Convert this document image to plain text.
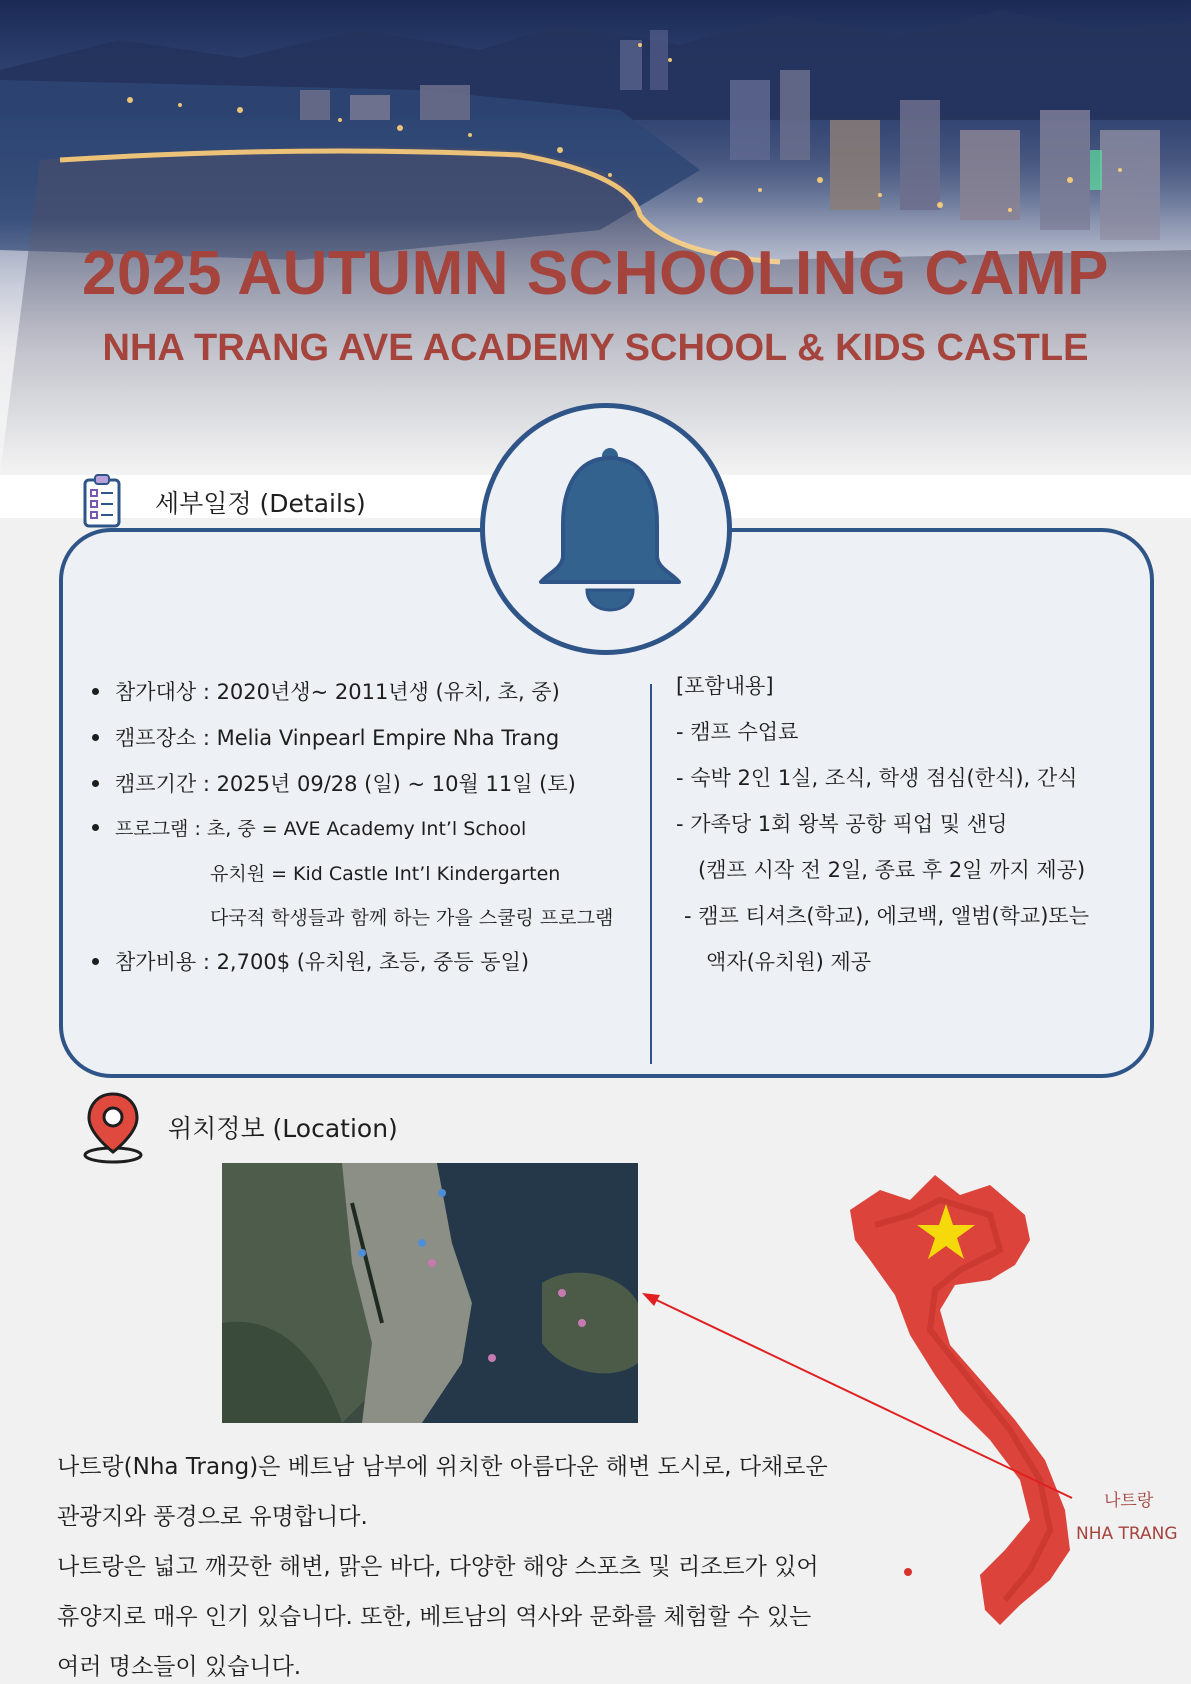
2025 AUTUMN SCHOOLING CAMP
NHA TRANG AVE ACADEMY SCHOOL & KIDS CASTLE
세부일정 (Details)
참가대상 : 2020년생~ 2011년생 (유치, 초, 중)
캠프장소 : Melia Vinpearl Empire Nha Trang
캠프기간 : 2025년 09/28 (일) ~ 10월 11일 (토)
프로그램 : 초, 중 = AVE Academy Int’l School
유치원 = Kid Castle Int’l Kindergarten
다국적 학생들과 함께 하는 가을 스쿨링 프로그램
참가비용 : 2,700$ (유치원, 초등, 중등 동일)
[포함내용]
- 캠프 수업료
- 숙박 2인 1실, 조식, 학생 점심(한식), 간식
- 가족당 1회 왕복 공항 픽업 및 샌딩
(캠프 시작 전 2일, 종료 후 2일 까지 제공)
- 캠프 티셔츠(학교), 에코백, 앨범(학교)또는
액자(유치원) 제공
위치정보 (Location)
나트랑
NHA TRANG
나트랑(Nha Trang)은 베트남 남부에 위치한 아름다운 해변 도시로, 다채로운
관광지와 풍경으로 유명합니다.
나트랑은 넓고 깨끗한 해변, 맑은 바다, 다양한 해양 스포츠 및 리조트가 있어
휴양지로 매우 인기 있습니다. 또한, 베트남의 역사와 문화를 체험할 수 있는
여러 명소들이 있습니다.
